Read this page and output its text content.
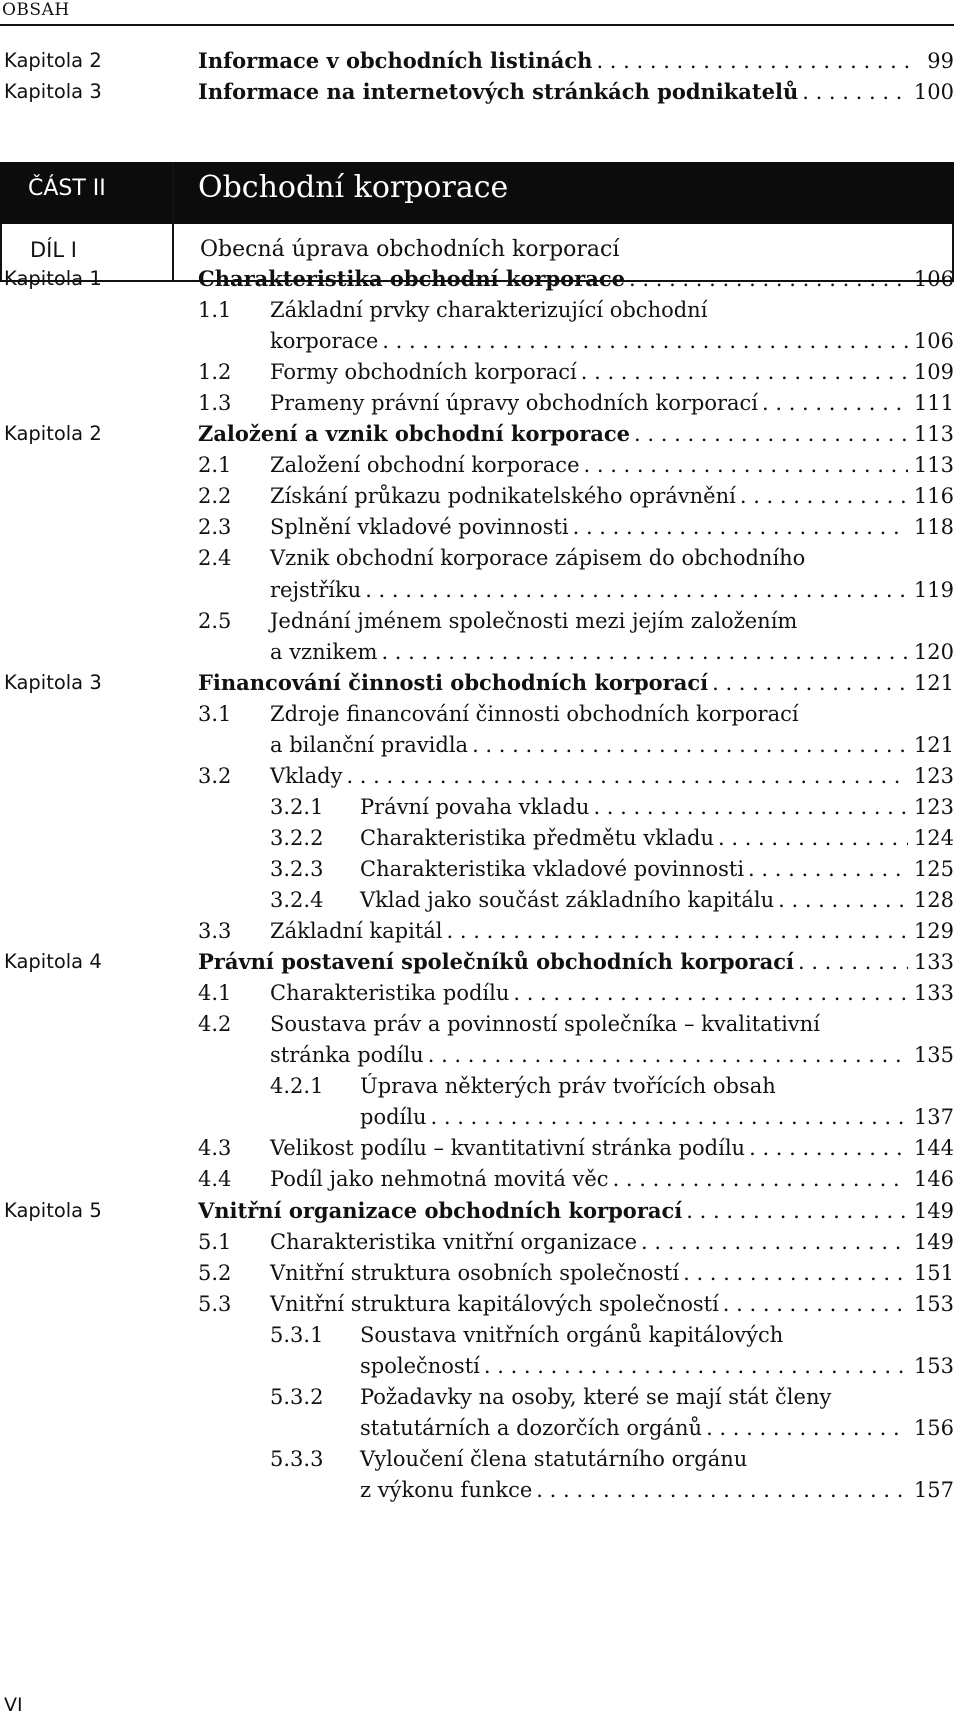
OBSAH
Kapitola 2	Informace v obchodních listinách . . .	99
Kapitola 3	Informace na internetových stránkách podnikatelů . . .	100
ČÁST II	Obchodní korporace
DÍL I	Obecná úprava obchodních korporací
Kapitola 1	Charakteristika obchodní korporace . . .	106
1.1	Základní prvky charakterizující obchodní
korporace . . .	106
1.2	Formy obchodních korporací . . .	109
1.3	Prameny právní úpravy obchodních korporací . . .	111
Kapitola 2	Založení a vznik obchodní korporace . . .	113
2.1	Založení obchodní korporace . . .	113
2.2	Získání průkazu podnikatelského oprávnění . . .	116
2.3	Splnění vkladové povinnosti . . .	118
2.4	Vznik obchodní korporace zápisem do obchodního
rejstříku . . .	119
2.5	Jednání jménem společnosti mezi jejím založením
a vznikem . . .	120
Kapitola 3	Financování činnosti obchodních korporací . . .	121
3.1	Zdroje financování činnosti obchodních korporací
a bilanční pravidla . . .	121
3.2	Vklady . . .	123
3.2.1	Právní povaha vkladu . . .	123
3.2.2	Charakteristika předmětu vkladu . . .	124
3.2.3	Charakteristika vkladové povinnosti . . .	125
3.2.4	Vklad jako součást základního kapitálu . . .	128
3.3	Základní kapitál . . .	129
Kapitola 4	Právní postavení společníků obchodních korporací . . .	133
4.1	Charakteristika podílu . . .	133
4.2	Soustava práv a povinností společníka – kvalitativní
stránka podílu . . .	135
4.2.1	Úprava některých práv tvořících obsah
podílu . . .	137
4.3	Velikost podílu – kvantitativní stránka podílu . . .	144
4.4	Podíl jako nehmotná movitá věc . . .	146
Kapitola 5	Vnitřní organizace obchodních korporací . . .	149
5.1	Charakteristika vnitřní organizace . . .	149
5.2	Vnitřní struktura osobních společností . . .	151
5.3	Vnitřní struktura kapitálových společností . . .	153
5.3.1	Soustava vnitřních orgánů kapitálových
společností . . .	153
5.3.2	Požadavky na osoby, které se mají stát členy
statutárních a dozorčích orgánů . . .	156
5.3.3	Vyloučení člena statutárního orgánu
z výkonu funkce . . .	157
VI
